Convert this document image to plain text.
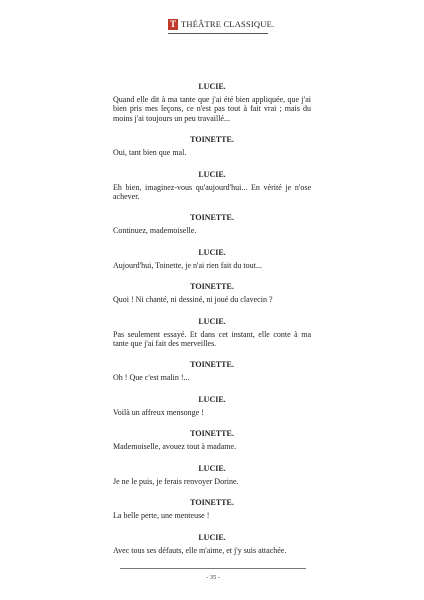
T THÉÂTRE CLASSIQUE.
LUCIE.
Quand elle dit à ma tante que j'ai été bien appliquée, que j'ai bien pris mes leçons, ce n'est pas tout à fait vrai ; mais du moins j'ai toujours un peu travaillé...
TOINETTE.
Oui, tant bien que mal.
LUCIE.
Eh bien, imaginez-vous qu'aujourd'hui... En vérité je n'ose achever.
TOINETTE.
Continuez, mademoiselle.
LUCIE.
Aujourd'hui, Toinette, je n'ai rien fait du tout...
TOINETTE.
Quoi ! Ni chanté, ni dessiné, ni joué du clavecin ?
LUCIE.
Pas seulement essayé. Et dans cet instant, elle conte à ma tante que j'ai fait des merveilles.
TOINETTE.
Oh ! Que c'est malin !...
LUCIE.
Voilà un affreux mensonge !
TOINETTE.
Mademoiselle, avouez tout à madame.
LUCIE.
Je ne le puis, je ferais renvoyer Dorine.
TOINETTE.
La belle perte, une menteuse !
LUCIE.
Avec tous ses défauts, elle m'aime, et j'y suis attachée.
- 35 -
